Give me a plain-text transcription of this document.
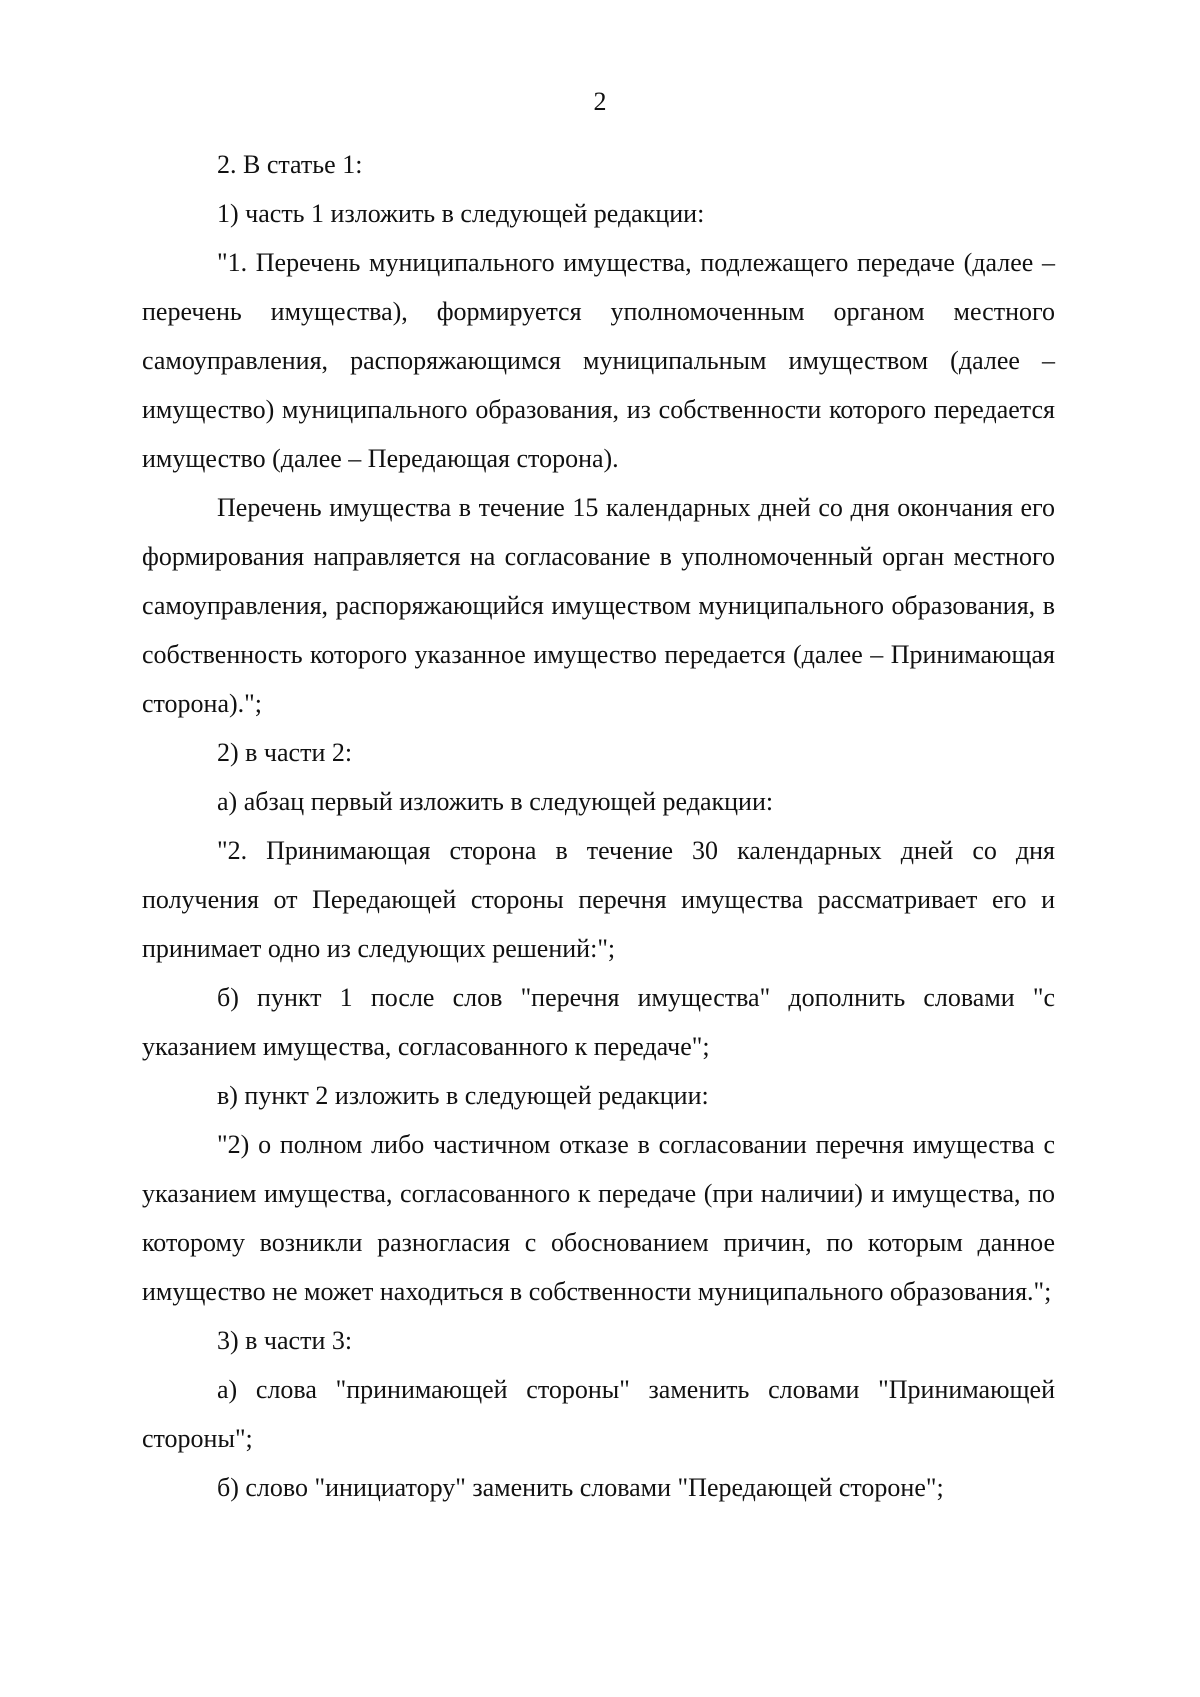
2

2. В статье 1:

1) часть 1 изложить в следующей редакции:

"1. Перечень муниципального имущества, подлежащего передаче (далее – перечень имущества), формируется уполномоченным органом местного самоуправления, распоряжающимся муниципальным имуществом (далее – имущество) муниципального образования, из собственности которого передается имущество (далее – Передающая сторона).

Перечень имущества в течение 15 календарных дней со дня окончания его формирования направляется на согласование в уполномоченный орган местного самоуправления, распоряжающийся имуществом муниципального образования, в собственность которого указанное имущество передается (далее – Принимающая сторона).";

2) в части 2:

а) абзац первый изложить в следующей редакции:

"2. Принимающая сторона в течение 30 календарных дней со дня получения от Передающей стороны перечня имущества рассматривает его и принимает одно из следующих решений:";

б) пункт 1 после слов "перечня имущества" дополнить словами "с указанием имущества, согласованного к передаче";

в) пункт 2 изложить в следующей редакции:

"2) о полном либо частичном отказе в согласовании перечня имущества с указанием имущества, согласованного к передаче (при наличии) и имущества, по которому возникли разногласия с обоснованием причин, по которым данное имущество не может находиться в собственности муниципального образования.";

3) в части 3:

а) слова "принимающей стороны" заменить словами "Принимающей стороны";

б) слово "инициатору" заменить словами "Передающей стороне";
